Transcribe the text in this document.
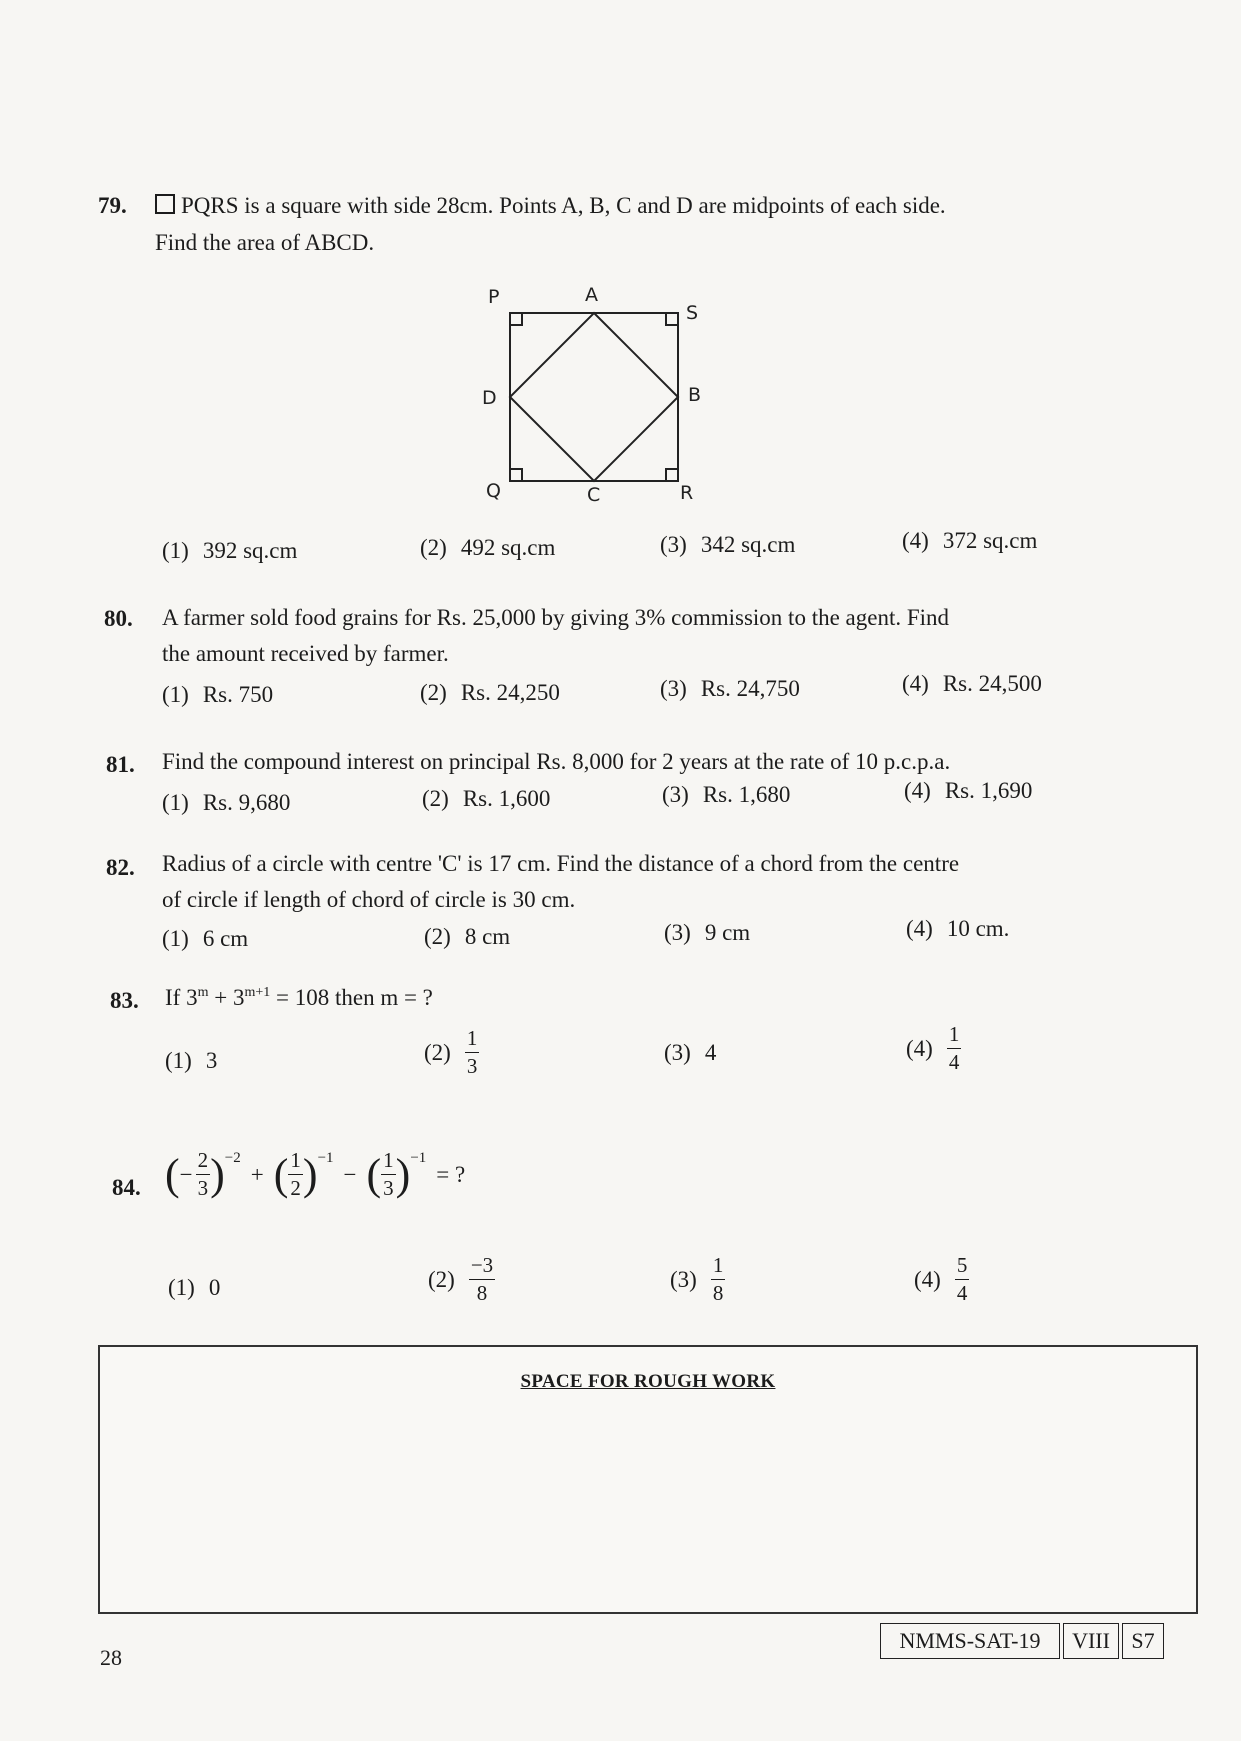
79.	PQRS is a square with side 28cm. Points A, B, C and D are midpoints of each side.
Find the area of ABCD.
P	A
S
D	B
Q	C	R
(1) 392 sq.cm	(2) 492 sq.cm	(3) 342 sq.cm	(4) 372 sq.cm
80. A farmer sold food grains for Rs. 25,000 by giving 3% commission to the agent. Find
the amount received by farmer.
(1) Rs. 750	(2) Rs. 24,250	(3) Rs. 24,750	(4) Rs. 24,500
81. Find the compound interest on principal Rs. 8,000 for 2 years at the rate of 10 p.c.p.a.
(1) Rs. 9,680	(2) Rs. 1,600	(3) Rs. 1,680	(4) Rs. 1,690
82. Radius of a circle with centre 'C' is 17 cm. Find the distance of a chord from the centre
of circle if length of chord of circle is 30 cm.
(1) 6 cm	(2) 8 cm	(3) 9 cm	(4) 10 cm.
83. If $3^m + 3^{m+1} = 108$ then m = ?
(1) 3	$(2) \frac{1}{3}$	(3) 4	$(4) \frac{1}{4}$
84. ( − $\frac{2}{3}$ ) −2
+ ( $\frac{1}{2}$ ) −1
− ( $\frac{1}{3}$ ) −1
= ?
(1) 0	$(2) \frac{-3}{8}$	$(3) \frac{1}{8}$	$(4) \frac{5}{4}$
SPACE FOR ROUGH WORK
28
NMMS-SAT-19	VIII S7
